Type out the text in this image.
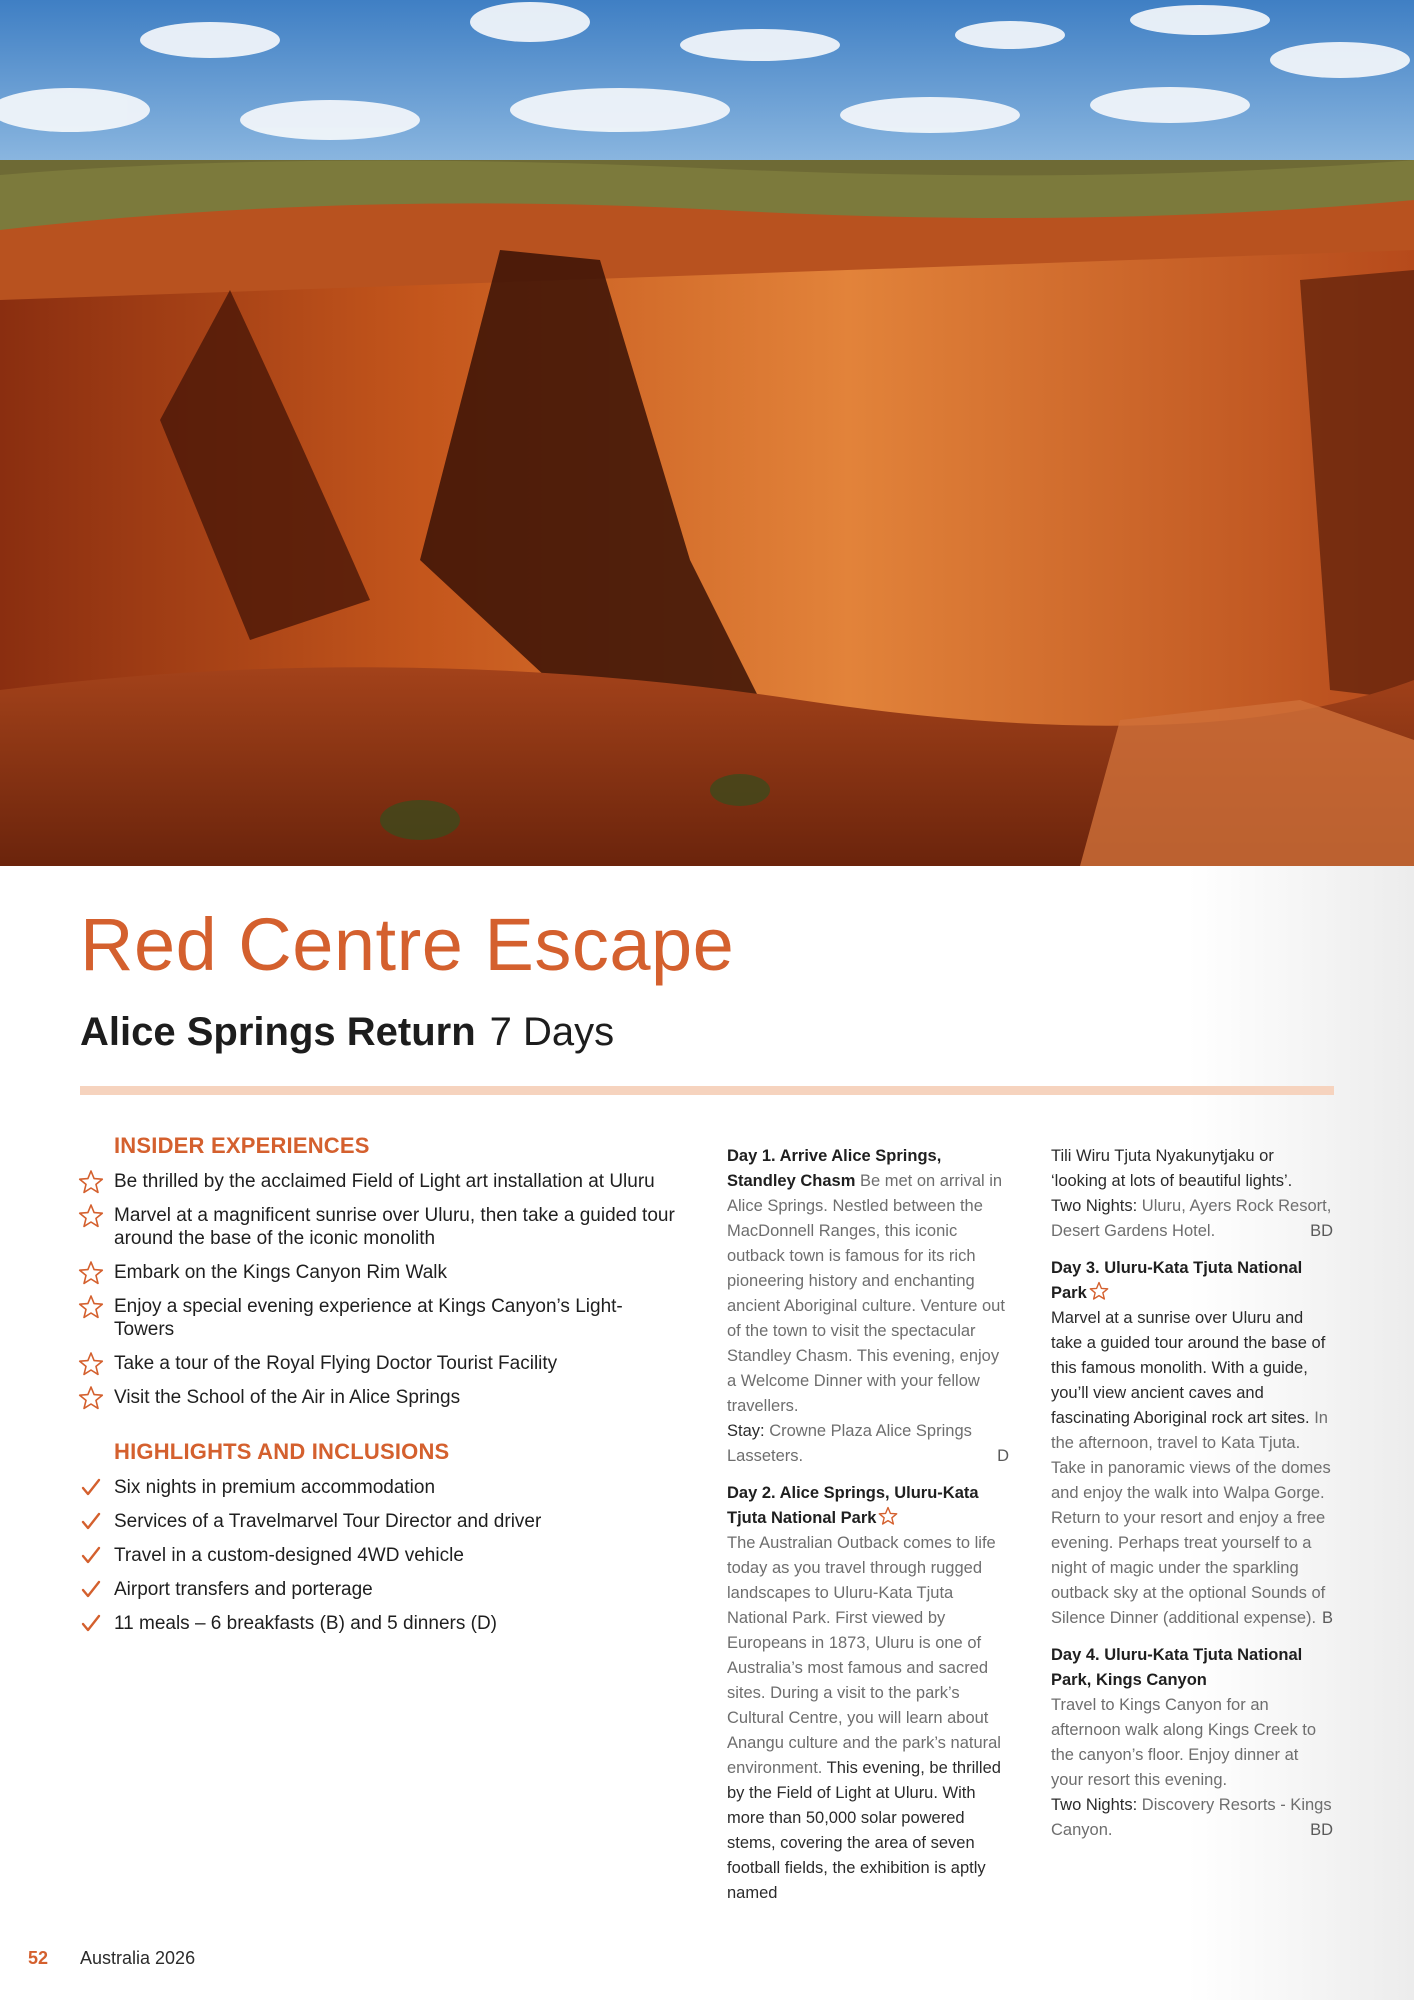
Red Centre Escape
Alice Springs Return 7 Days
INSIDER EXPERIENCES
Be thrilled by the acclaimed Field of Light art installation at Uluru
Marvel at a magnificent sunrise over Uluru, then take a guided tour around the base of the iconic monolith
Embark on the Kings Canyon Rim Walk
Enjoy a special evening experience at Kings Canyon’s Light-Towers
Take a tour of the Royal Flying Doctor Tourist Facility
Visit the School of the Air in Alice Springs
HIGHLIGHTS AND INCLUSIONS
Six nights in premium accommodation
Services of a Travelmarvel Tour Director and driver
Travel in a custom-designed 4WD vehicle
Airport transfers and porterage
11 meals – 6 breakfasts (B) and 5 dinners (D)

Day 1. Arrive Alice Springs, Standley Chasm Be met on arrival in Alice Springs. Nestled between the MacDonnell Ranges, this iconic outback town is famous for its rich pioneering history and enchanting ancient Aboriginal culture. Venture out of the town to visit the spectacular Standley Chasm. This evening, enjoy a Welcome Dinner with your fellow travellers.
Stay: Crowne Plaza Alice Springs Lasseters.	D

Day 2. Alice Springs, Uluru-Kata Tjuta National Park
The Australian Outback comes to life today as you travel through rugged landscapes to Uluru-Kata Tjuta National Park. First viewed by Europeans in 1873, Uluru is one of Australia’s most famous and sacred sites. During a visit to the park’s Cultural Centre, you will learn about Anangu culture and the park’s natural environment. This evening, be thrilled by the Field of Light at Uluru. With more than 50,000 solar powered stems, covering the area of seven football fields, the exhibition is aptly named

Tili Wiru Tjuta Nyakunytjaku or ‘looking at lots of beautiful lights’.
Two Nights: Uluru, Ayers Rock Resort, Desert Gardens Hotel.	BD

Day 3. Uluru-Kata Tjuta National Park
Marvel at a sunrise over Uluru and take a guided tour around the base of this famous monolith. With a guide, you’ll view ancient caves and fascinating Aboriginal rock art sites. In the afternoon, travel to Kata Tjuta. Take in panoramic views of the domes and enjoy the walk into Walpa Gorge. Return to your resort and enjoy a free evening. Perhaps treat yourself to a night of magic under the sparkling outback sky at the optional Sounds of Silence Dinner (additional expense). B

Day 4. Uluru-Kata Tjuta National Park, Kings Canyon
Travel to Kings Canyon for an afternoon walk along Kings Creek to the canyon’s floor. Enjoy dinner at your resort this evening.
Two Nights: Discovery Resorts - Kings Canyon.	BD

52 Australia 2026
